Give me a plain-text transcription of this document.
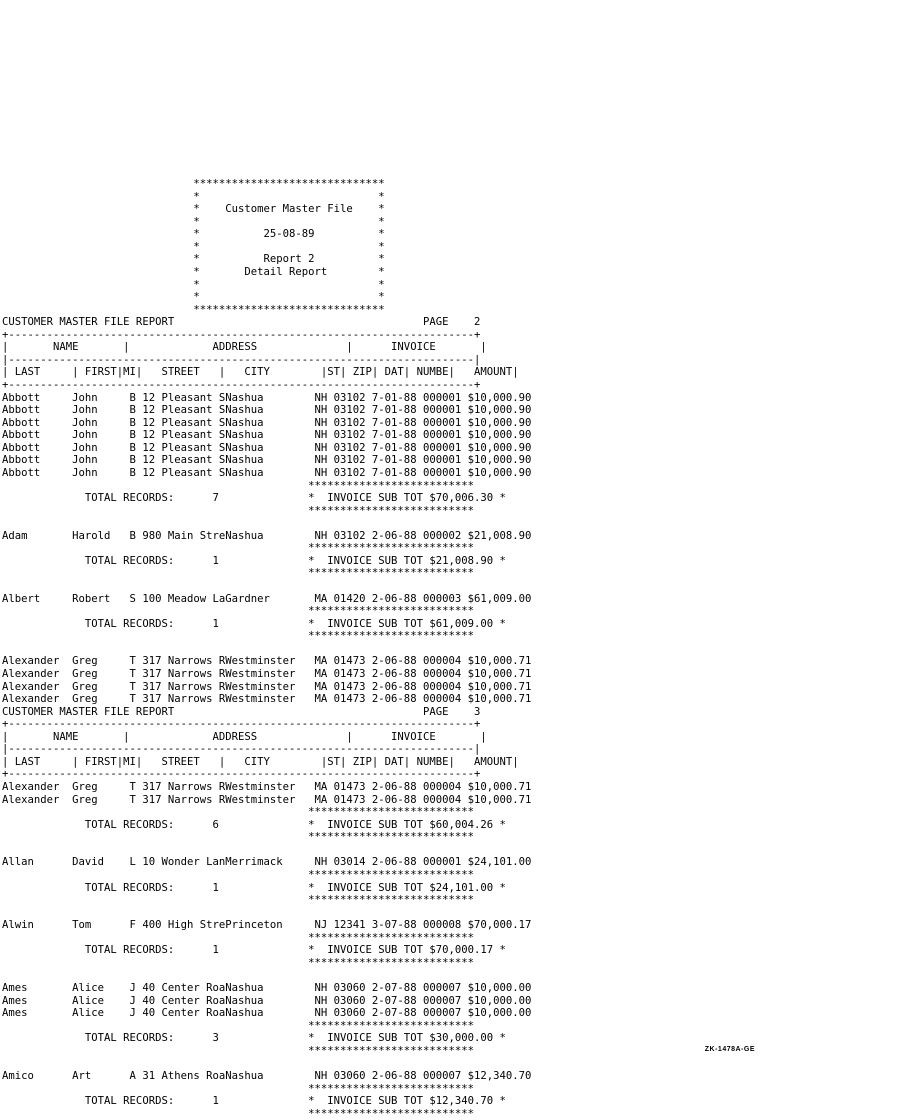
******************************
*                            *
*    Customer Master File    *
*                            *
*          25-08-89          *
*                            *
*          Report 2          *
*       Detail Report        *
*                            *
*                            *
******************************
CUSTOMER MASTER FILE REPORT                                       PAGE    2
+-------------------------------------------------------------------------+
|       NAME       |             ADDRESS              |      INVOICE       |
|-------------------------------------------------------------------------|
| LAST     | FIRST|MI|   STREET   |   CITY        |ST| ZIP| DAT| NUMBE|   AMOUNT|
+-------------------------------------------------------------------------+
Abbott     John     B 12 Pleasant SNashua        NH 03102 7-01-88 000001 $10,000.90
Abbott     John     B 12 Pleasant SNashua        NH 03102 7-01-88 000001 $10,000.90
Abbott     John     B 12 Pleasant SNashua        NH 03102 7-01-88 000001 $10,000.90
Abbott     John     B 12 Pleasant SNashua        NH 03102 7-01-88 000001 $10,000.90
Abbott     John     B 12 Pleasant SNashua        NH 03102 7-01-88 000001 $10,000.90
Abbott     John     B 12 Pleasant SNashua        NH 03102 7-01-88 000001 $10,000.90
Abbott     John     B 12 Pleasant SNashua        NH 03102 7-01-88 000001 $10,000.90
**************************
TOTAL RECORDS:      7              *  INVOICE SUB TOT $70,006.30 *
**************************

Adam       Harold   B 980 Main StreNashua        NH 03102 2-06-88 000002 $21,008.90
**************************
TOTAL RECORDS:      1              *  INVOICE SUB TOT $21,008.90 *
**************************

Albert     Robert   S 100 Meadow LaGardner       MA 01420 2-06-88 000003 $61,009.00
**************************
TOTAL RECORDS:      1              *  INVOICE SUB TOT $61,009.00 *
**************************

Alexander  Greg     T 317 Narrows RWestminster   MA 01473 2-06-88 000004 $10,000.71
Alexander  Greg     T 317 Narrows RWestminster   MA 01473 2-06-88 000004 $10,000.71
Alexander  Greg     T 317 Narrows RWestminster   MA 01473 2-06-88 000004 $10,000.71
Alexander  Greg     T 317 Narrows RWestminster   MA 01473 2-06-88 000004 $10,000.71
CUSTOMER MASTER FILE REPORT                                       PAGE    3
+-------------------------------------------------------------------------+
|       NAME       |             ADDRESS              |      INVOICE       |
|-------------------------------------------------------------------------|
| LAST     | FIRST|MI|   STREET   |   CITY        |ST| ZIP| DAT| NUMBE|   AMOUNT|
+-------------------------------------------------------------------------+
Alexander  Greg     T 317 Narrows RWestminster   MA 01473 2-06-88 000004 $10,000.71
Alexander  Greg     T 317 Narrows RWestminster   MA 01473 2-06-88 000004 $10,000.71
**************************
TOTAL RECORDS:      6              *  INVOICE SUB TOT $60,004.26 *
**************************

Allan      David    L 10 Wonder LanMerrimack     NH 03014 2-06-88 000001 $24,101.00
**************************
TOTAL RECORDS:      1              *  INVOICE SUB TOT $24,101.00 *
**************************

Alwin      Tom      F 400 High StrePrinceton     NJ 12341 3-07-88 000008 $70,000.17
**************************
TOTAL RECORDS:      1              *  INVOICE SUB TOT $70,000.17 *
**************************

Ames       Alice    J 40 Center RoaNashua        NH 03060 2-07-88 000007 $10,000.00
Ames       Alice    J 40 Center RoaNashua        NH 03060 2-07-88 000007 $10,000.00
Ames       Alice    J 40 Center RoaNashua        NH 03060 2-07-88 000007 $10,000.00
**************************
TOTAL RECORDS:      3              *  INVOICE SUB TOT $30,000.00 *
**************************

Amico      Art      A 31 Athens RoaNashua        NH 03060 2-06-88 000007 $12,340.70
**************************
TOTAL RECORDS:      1              *  INVOICE SUB TOT $12,340.70 *
**************************

ZK-1478A-GE
